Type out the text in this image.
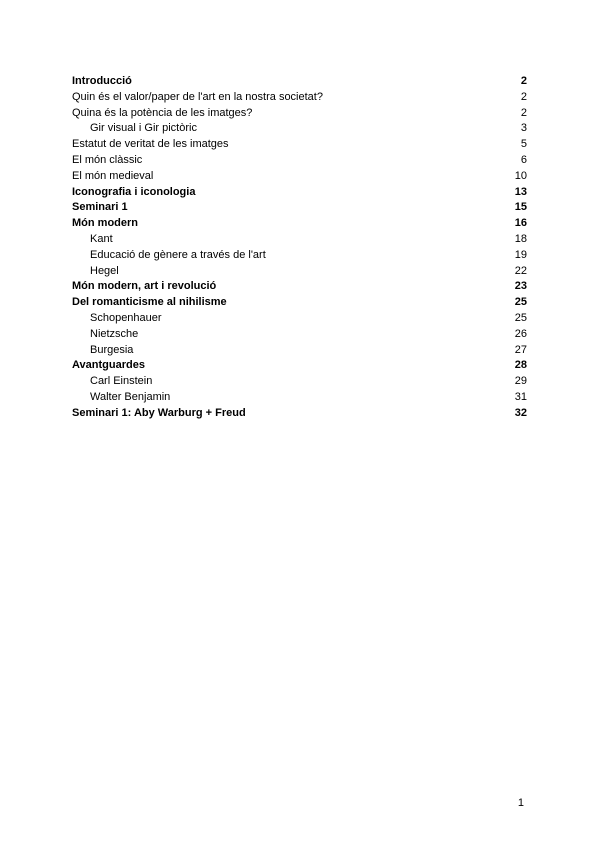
Introducció	2
Quin és el valor/paper de l'art en la nostra societat?	2
Quina és la potència de les imatges?	2
Gir visual i Gir pictòric	3
Estatut de veritat de les imatges	5
El món clàssic	6
El món medieval	10
Iconografia i iconologia	13
Seminari 1	15
Món modern	16
Kant	18
Educació de gènere a través de l'art	19
Hegel	22
Món modern, art i revolució	23
Del romanticisme al nihilisme	25
Schopenhauer	25
Nietzsche	26
Burgesia	27
Avantguardes	28
Carl Einstein	29
Walter Benjamin	31
Seminari 1: Aby Warburg + Freud	32
1
